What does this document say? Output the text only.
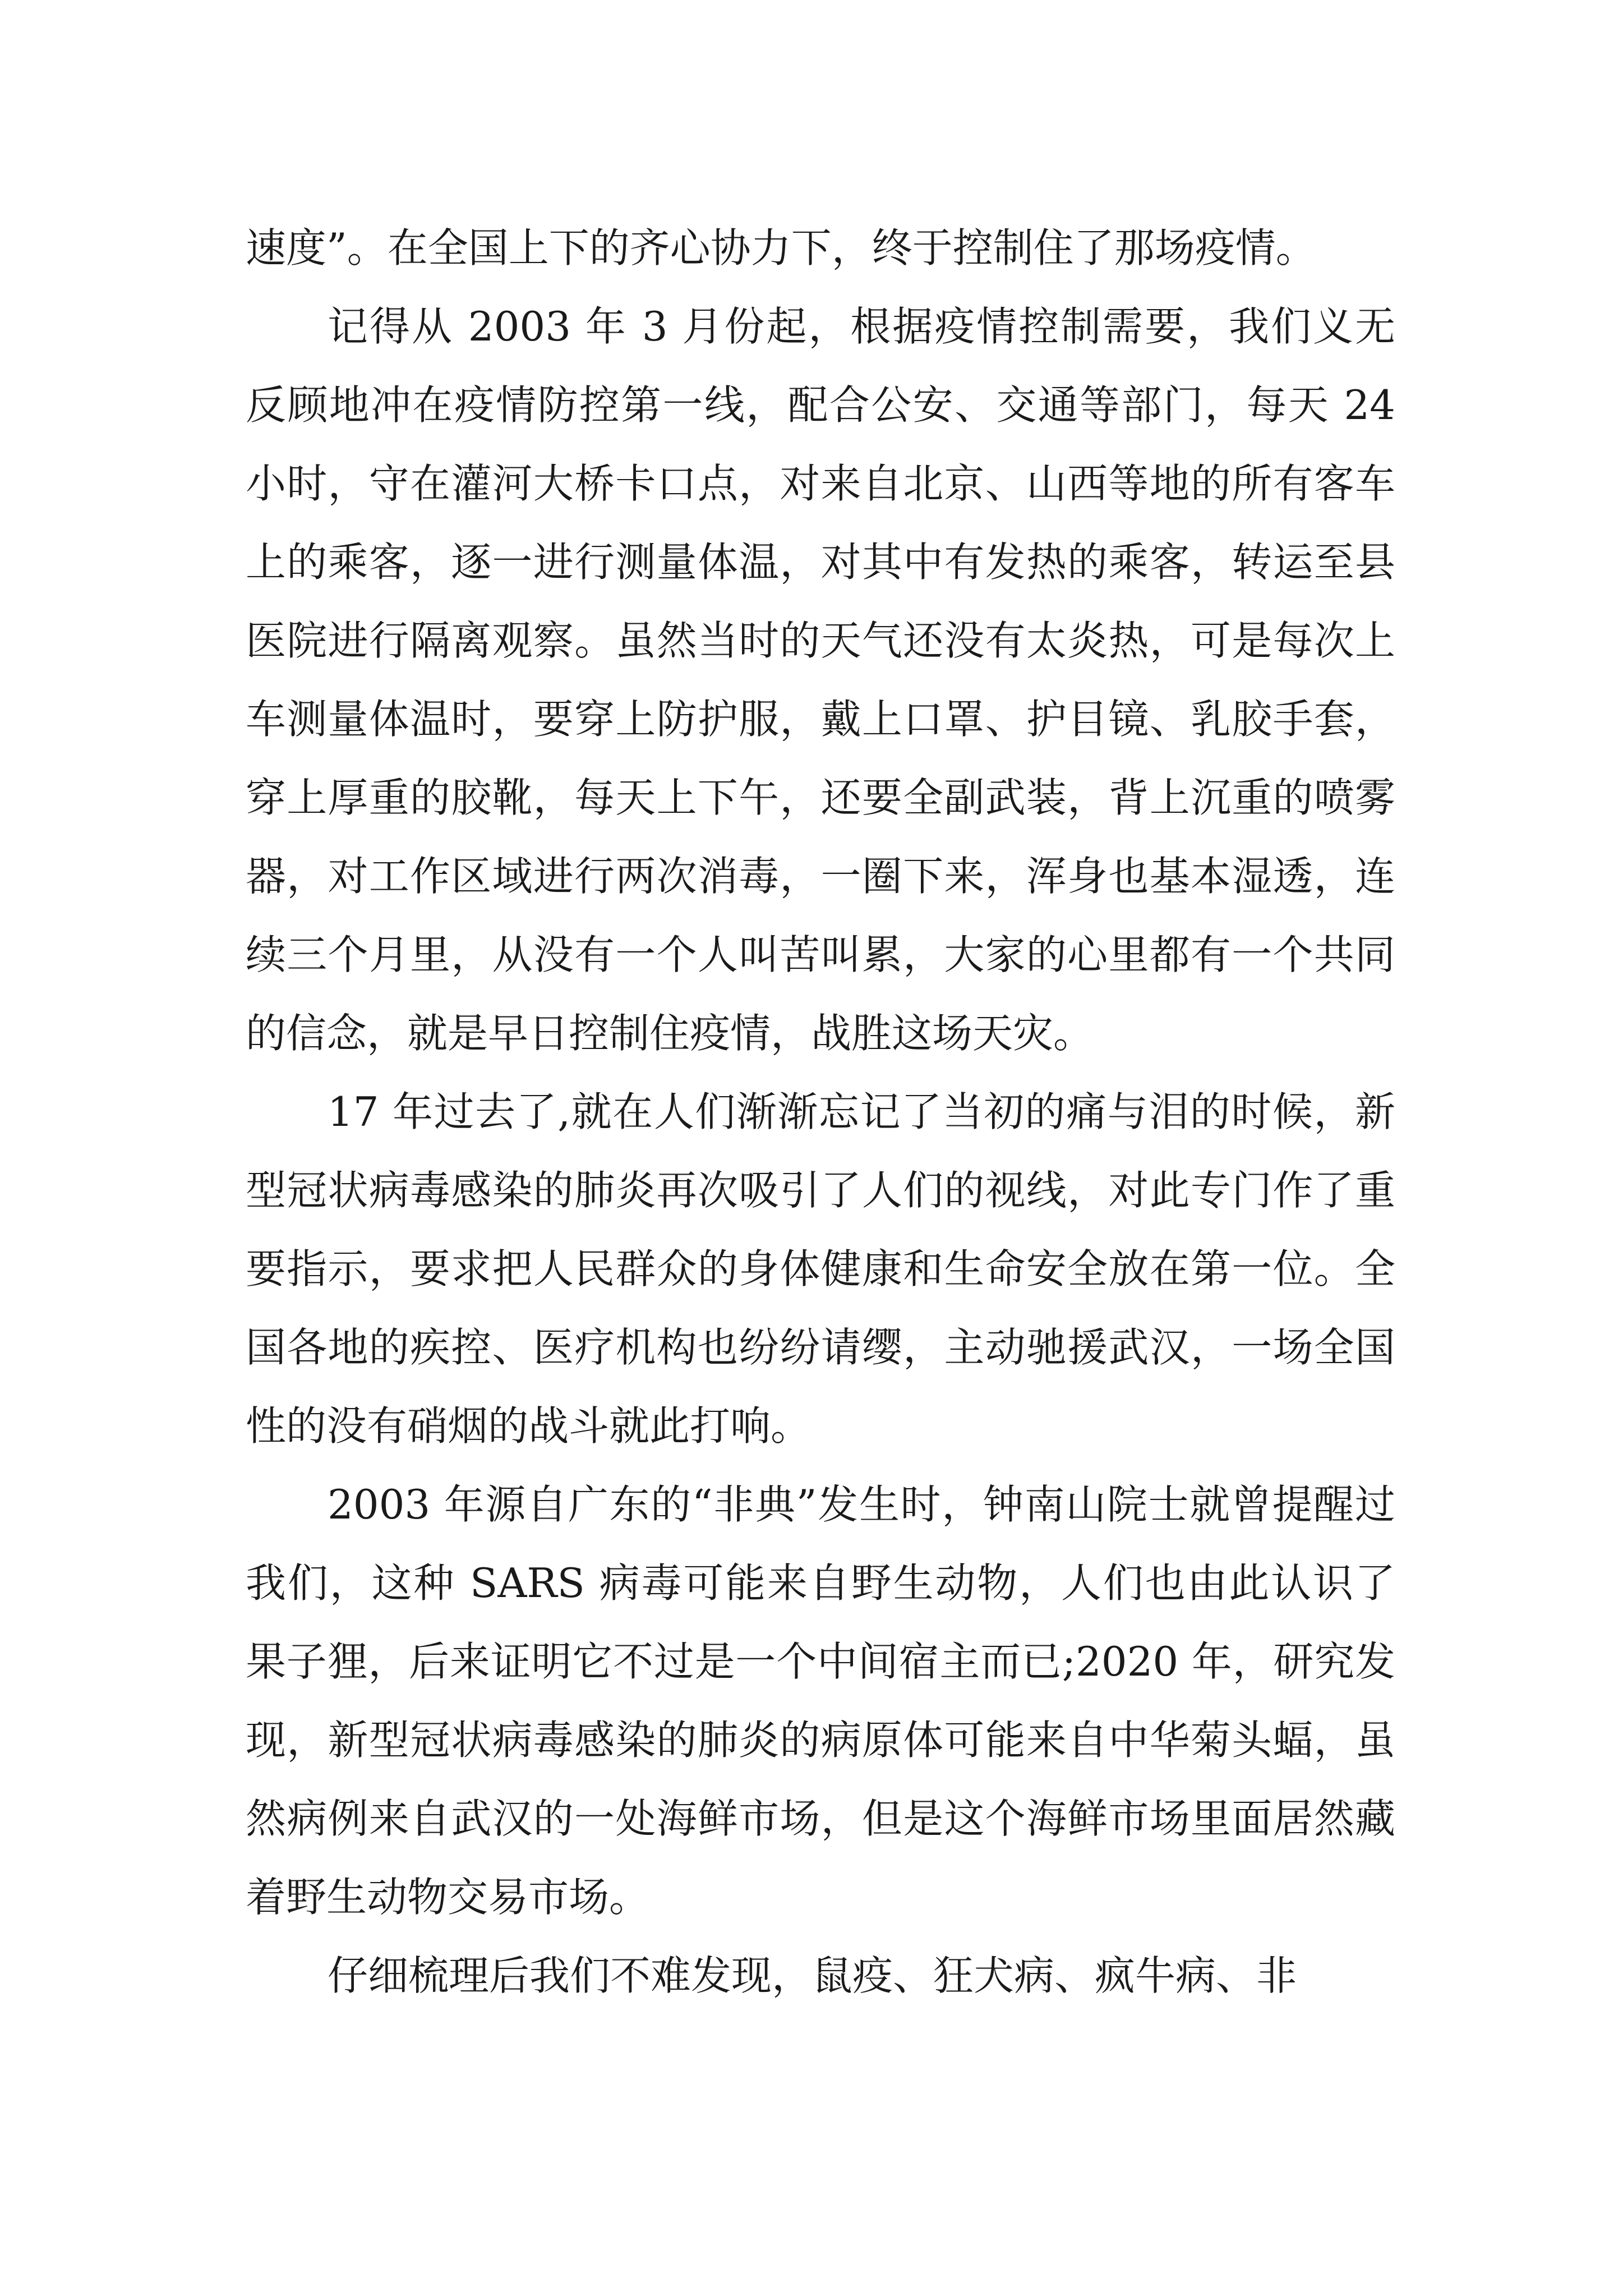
速度”。在全国上下的齐心协力下，终于控制住了那场疫情。

记得从 2003 年 3 月份起，根据疫情控制需要，我们义无反顾地冲在疫情防控第一线，配合公安、交通等部门，每天 24 小时，守在灌河大桥卡口点，对来自北京、山西等地的所有客车上的乘客，逐一进行测量体温，对其中有发热的乘客，转运至县医院进行隔离观察。虽然当时的天气还没有太炎热，可是每次上车测量体温时，要穿上防护服，戴上口罩、护目镜、乳胶手套，穿上厚重的胶靴，每天上下午，还要全副武装，背上沉重的喷雾器，对工作区域进行两次消毒，一圈下来，浑身也基本湿透，连续三个月里，从没有一个人叫苦叫累，大家的心里都有一个共同的信念，就是早日控制住疫情，战胜这场天灾。

17 年过去了,就在人们渐渐忘记了当初的痛与泪的时候，新型冠状病毒感染的肺炎再次吸引了人们的视线，对此专门作了重要指示，要求把人民群众的身体健康和生命安全放在第一位。全国各地的疾控、医疗机构也纷纷请缨，主动驰援武汉，一场全国性的没有硝烟的战斗就此打响。

2003 年源自广东的“非典”发生时，钟南山院士就曾提醒过我们，这种 SARS 病毒可能来自野生动物，人们也由此认识了果子狸，后来证明它不过是一个中间宿主而已;2020 年，研究发现，新型冠状病毒感染的肺炎的病原体可能来自中华菊头蝠，虽然病例来自武汉的一处海鲜市场，但是这个海鲜市场里面居然藏着野生动物交易市场。

仔细梳理后我们不难发现，鼠疫、狂犬病、疯牛病、非
